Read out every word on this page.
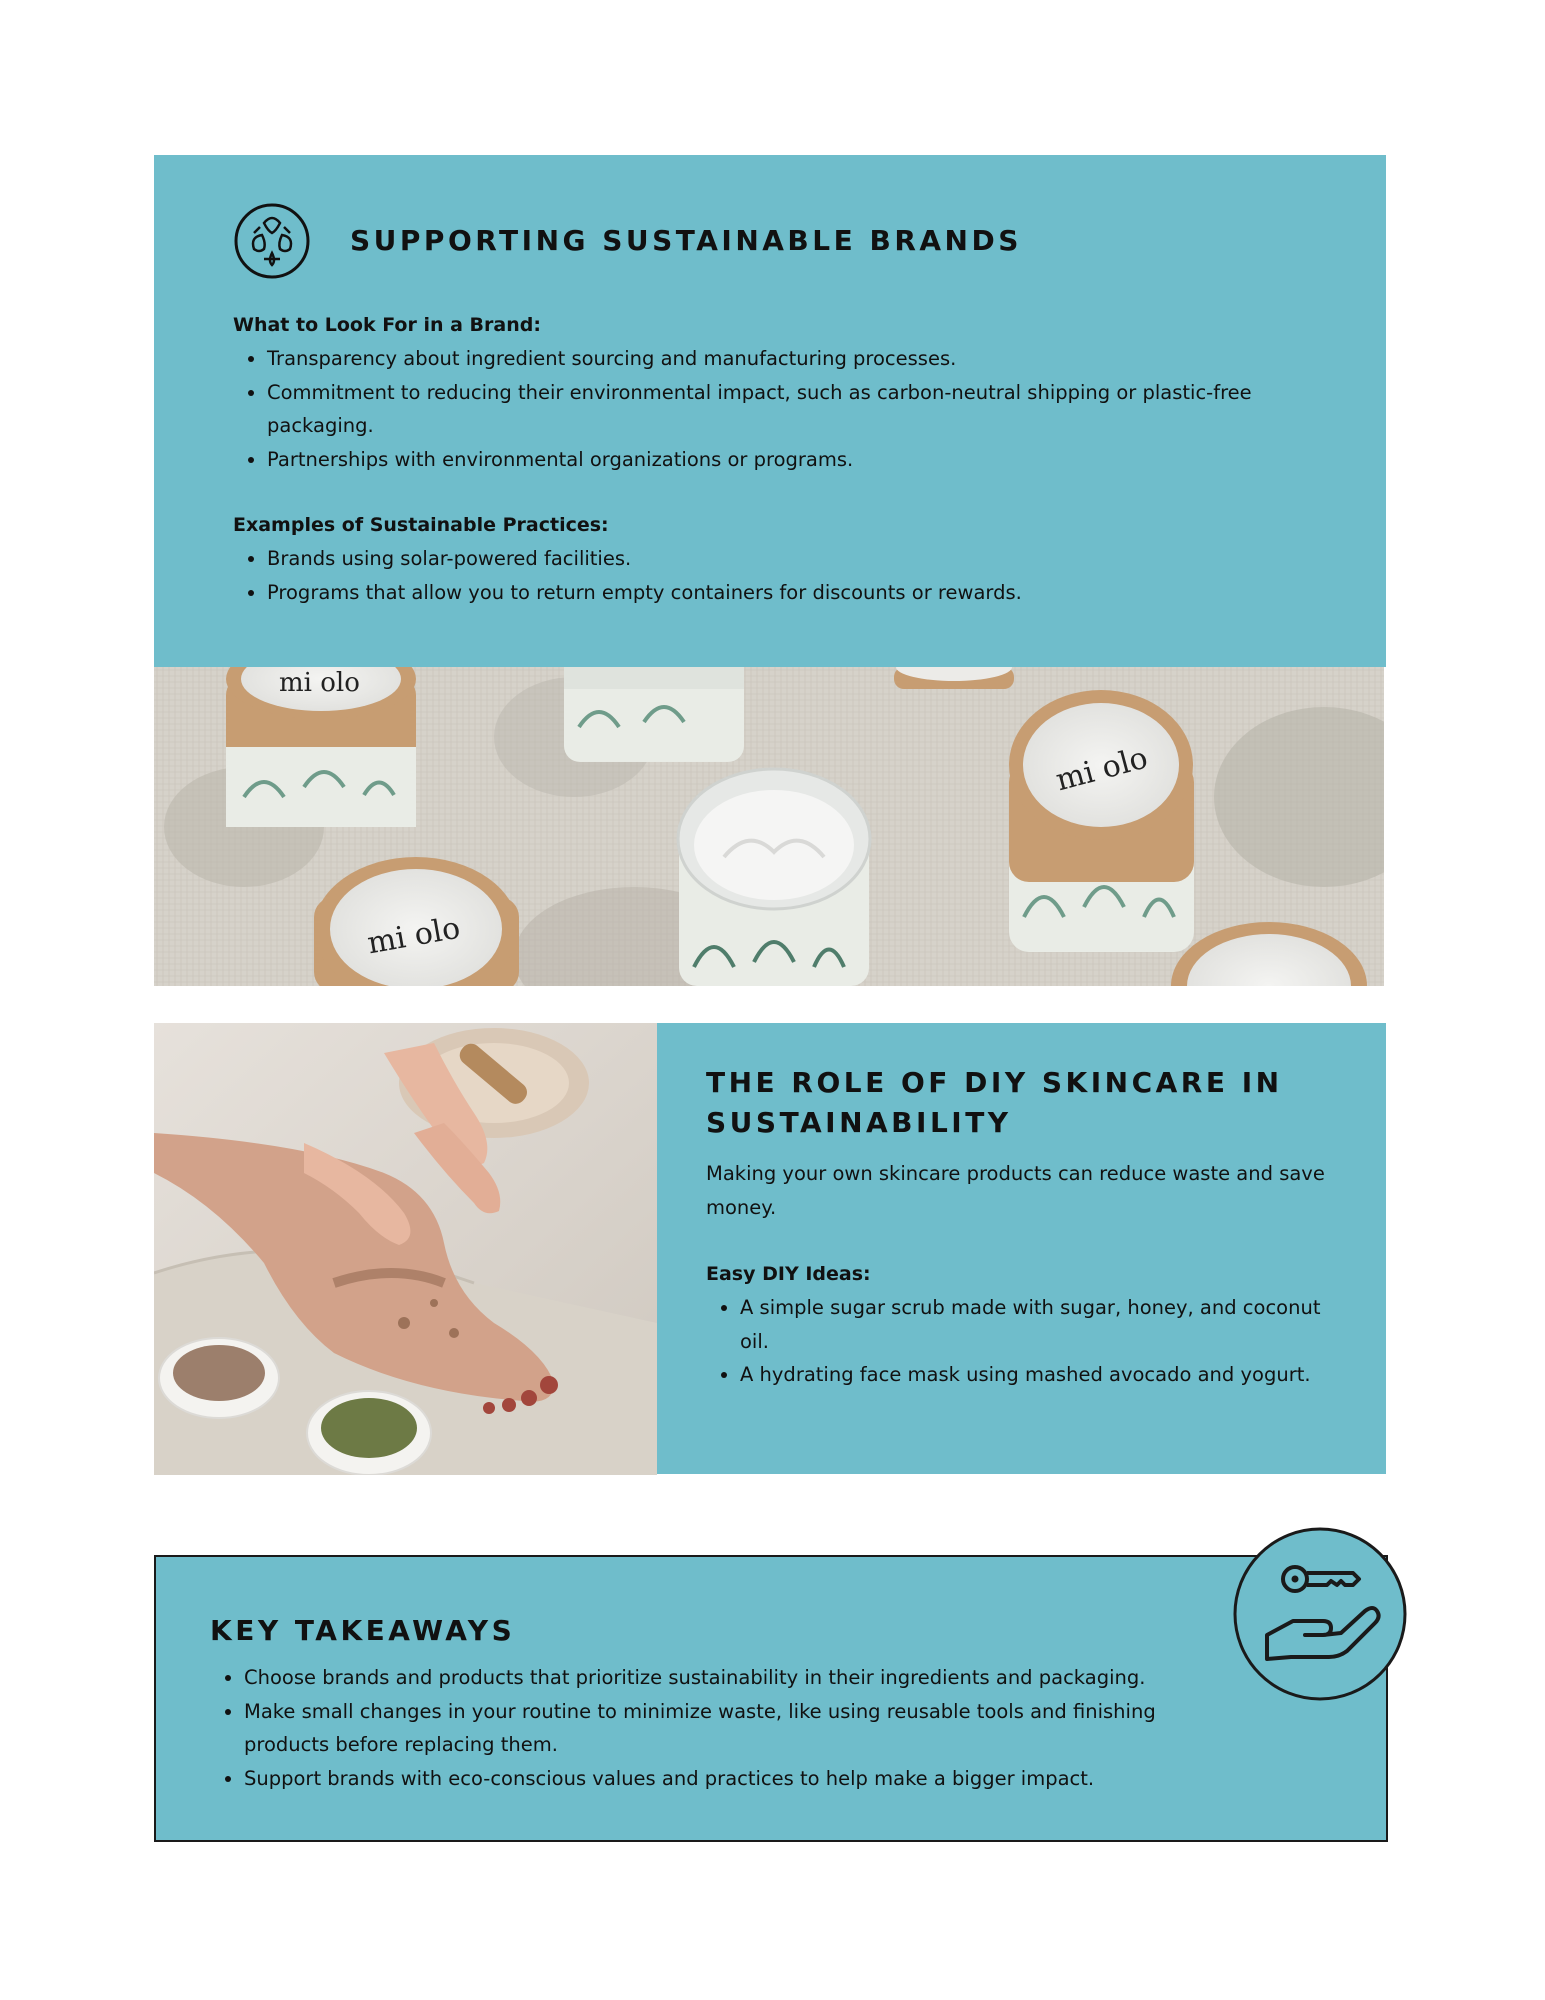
SUPPORTING SUSTAINABLE BRANDS

What to Look For in a Brand:

• Transparency about ingredient sourcing and manufacturing processes.
• Commitment to reducing their environmental impact, such as carbon-neutral shipping or plastic-free packaging.
• Partnerships with environmental organizations or programs.

Examples of Sustainable Practices:

• Brands using solar-powered facilities.
• Programs that allow you to return empty containers for discounts or rewards.
mi olo
mi olo
mi olo
THE ROLE OF DIY SKINCARE IN SUSTAINABILITY

Making your own skincare products can reduce waste and save money.

Easy DIY Ideas:

• A simple sugar scrub made with sugar, honey, and coconut oil.
• A hydrating face mask using mashed avocado and yogurt.
KEY TAKEAWAYS
• Choose brands and products that prioritize sustainability in their ingredients and packaging.
• Make small changes in your routine to minimize waste, like using reusable tools and finishing products before replacing them.
• Support brands with eco-conscious values and practices to help make a bigger impact.
